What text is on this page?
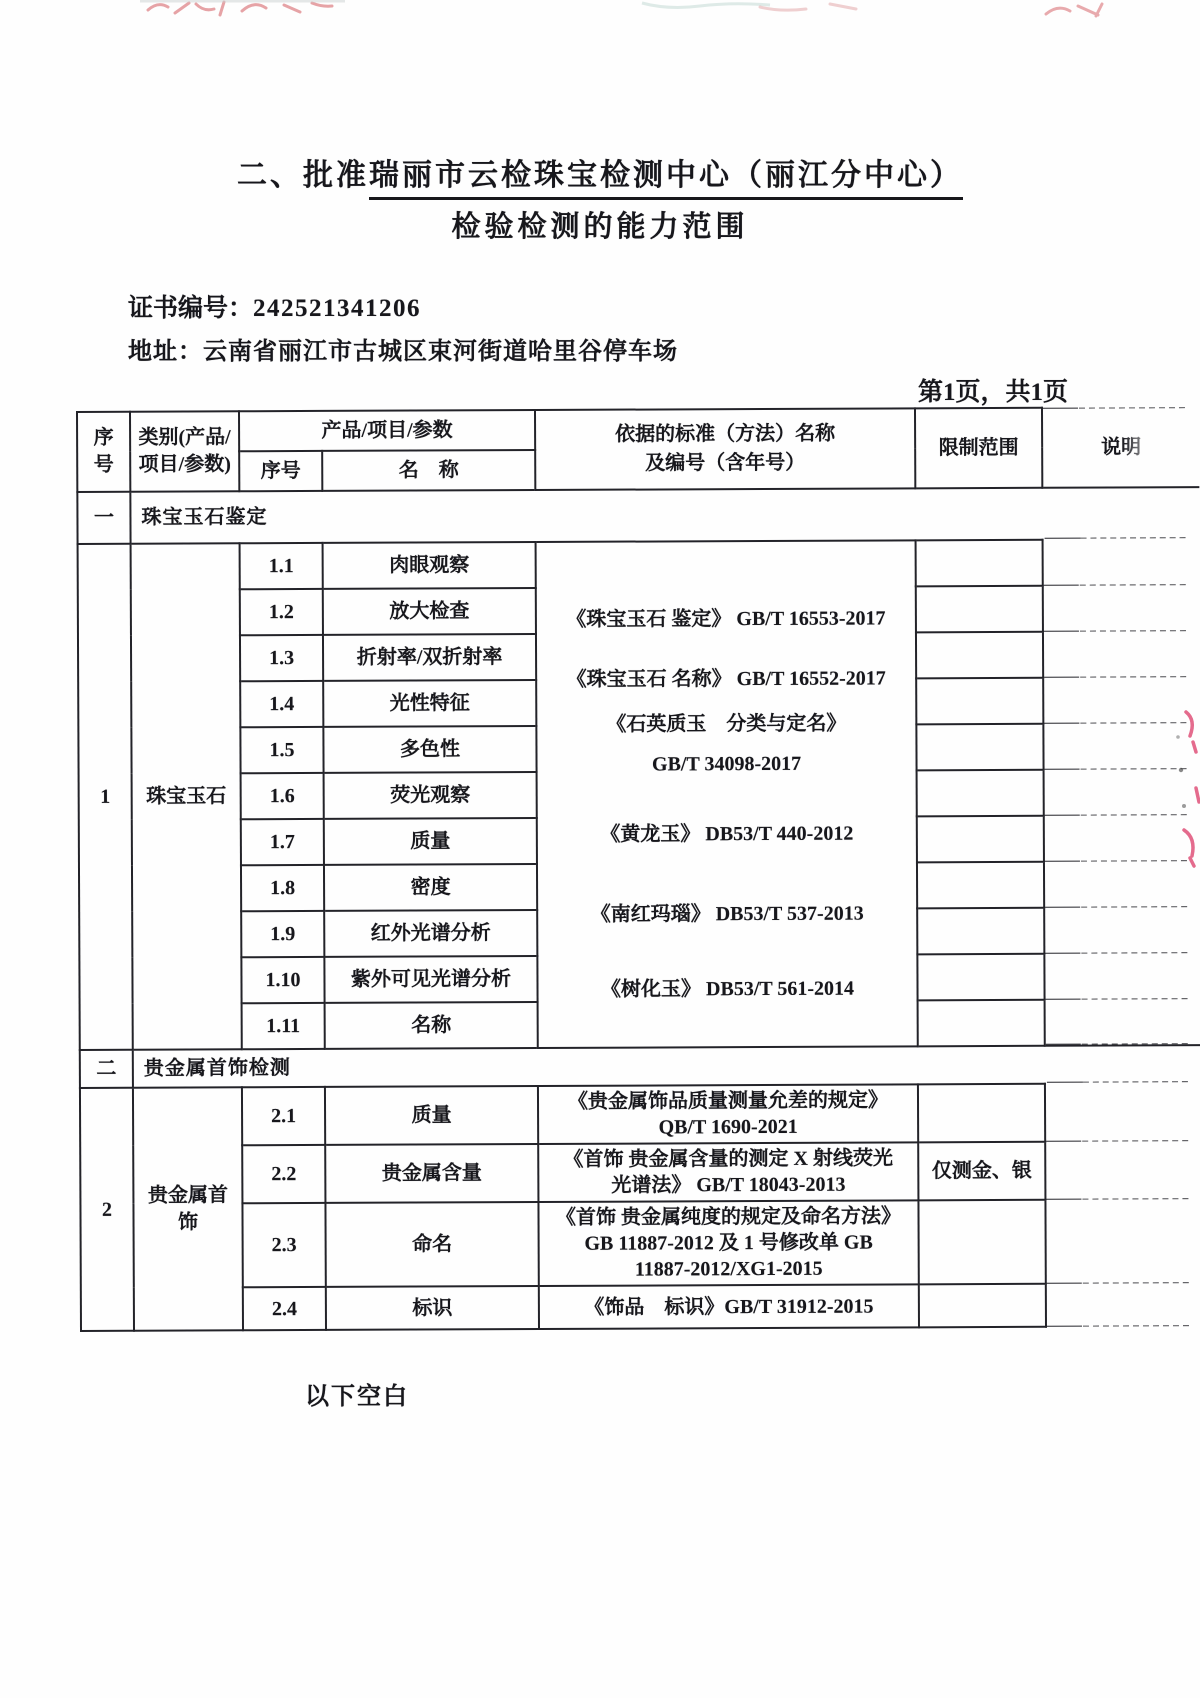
二、批准瑞丽市云检珠宝检测中心（丽江分中心）
检验检测的能力范围
证书编号：242521341206
地址：云南省丽江市古城区束河街道哈里谷停车场
第1页，共1页
序号	类别(产品/项目/参数)	产品/项目/参数		依据的标准（方法）名称
及编号（含年号）	限制范围	说明
		序号	名　称			
一	珠宝玉石鉴定					
1	珠宝玉石	1.1	肉眼观察	
《珠宝玉石 鉴定》 GB/T 16553-2017
《珠宝玉石 名称》 GB/T 16552-2017
《石英质玉　分类与定名》
GB/T 34098-2017
《黄龙玉》 DB53/T 440-2012
《南红玛瑙》 DB53/T 537-2013
《树化玉》 DB53/T 561-2014

		1.2	放大检查			
		1.3	折射率/双折射率			
		1.4	光性特征			
		1.5	多色性			
		1.6	荧光观察			
		1.7	质量			
		1.8	密度			
		1.9	红外光谱分析			
		1.10	紫外可见光谱分析			
		1.11	名称			
二	贵金属首饰检测					
2	贵金属首饰	2.1	质量	《贵金属饰品质量测量允差的规定》
QB/T 1690-2021		
		2.2	贵金属含量	《首饰 贵金属含量的测定 X 射线荧光
光谱法》 GB/T 18043-2013	仅测金、银	
		2.3	命名	《首饰 贵金属纯度的规定及命名方法》
GB 11887-2012 及 1 号修改单 GB
11887-2012/XG1-2015		
		2.4	标识	《饰品　标识》GB/T 31912-2015		
以下空白
